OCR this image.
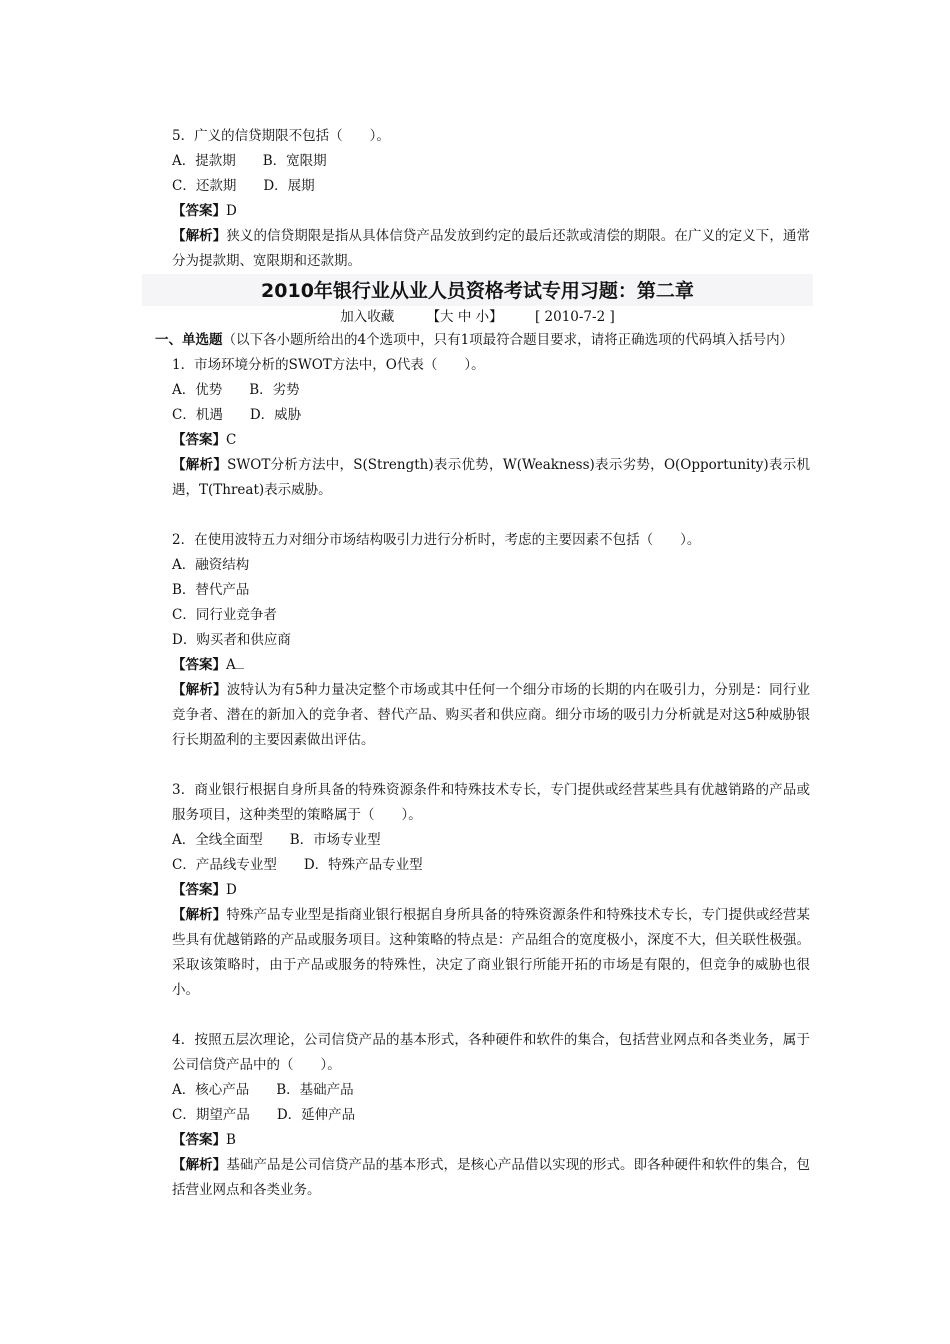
5．广义的信贷期限不包括（　　）。
A．提款期　　B．宽限期
C．还款期　　D．展期
【答案】D
【解析】狭义的信贷期限是指从具体信贷产品发放到约定的最后还款或清偿的期限。在广义的定义下，通常分为提款期、宽限期和还款期。
2010年银行业从业人员资格考试专用习题：第二章
加入收藏 【大 中 小】 [ 2010-7-2 ]
一、单选题（以下各小题所给出的4个选项中，只有1项最符合题目要求，请将正确选项的代码填入括号内）
1．市场环境分析的SWOT方法中，O代表（　　）。
A．优势　　B．劣势
C．机遇　　D．威胁
【答案】C
【解析】SWOT分析方法中，S(Strength)表示优势，W(Weakness)表示劣势，O(Opportunity)表示机遇，T(Threat)表示威胁。
2．在使用波特五力对细分市场结构吸引力进行分析时，考虑的主要因素不包括（　　）。
A．融资结构
B．替代产品
C．同行业竞争者
D．购买者和供应商
【答案】A
【解析】波特认为有5种力量决定整个市场或其中任何一个细分市场的长期的内在吸引力，分别是：同行业竞争者、潜在的新加入的竞争者、替代产品、购买者和供应商。细分市场的吸引力分析就是对这5种威胁银行长期盈利的主要因素做出评估。
3．商业银行根据自身所具备的特殊资源条件和特殊技术专长，专门提供或经营某些具有优越销路的产品或服务项目，这种类型的策略属于（　　）。
A．全线全面型　　B．市场专业型
C．产品线专业型　　D．特殊产品专业型
【答案】D
【解析】特殊产品专业型是指商业银行根据自身所具备的特殊资源条件和特殊技术专长，专门提供或经营某些具有优越销路的产品或服务项目。这种策略的特点是：产品组合的宽度极小，深度不大，但关联性极强。采取该策略时，由于产品或服务的特殊性，决定了商业银行所能开拓的市场是有限的，但竞争的威胁也很小。
4．按照五层次理论，公司信贷产品的基本形式，各种硬件和软件的集合，包括营业网点和各类业务，属于公司信贷产品中的（　　）。
A．核心产品　　B．基础产品
C．期望产品　　D．延伸产品
【答案】B
【解析】基础产品是公司信贷产品的基本形式，是核心产品借以实现的形式。即各种硬件和软件的集合，包括营业网点和各类业务。
